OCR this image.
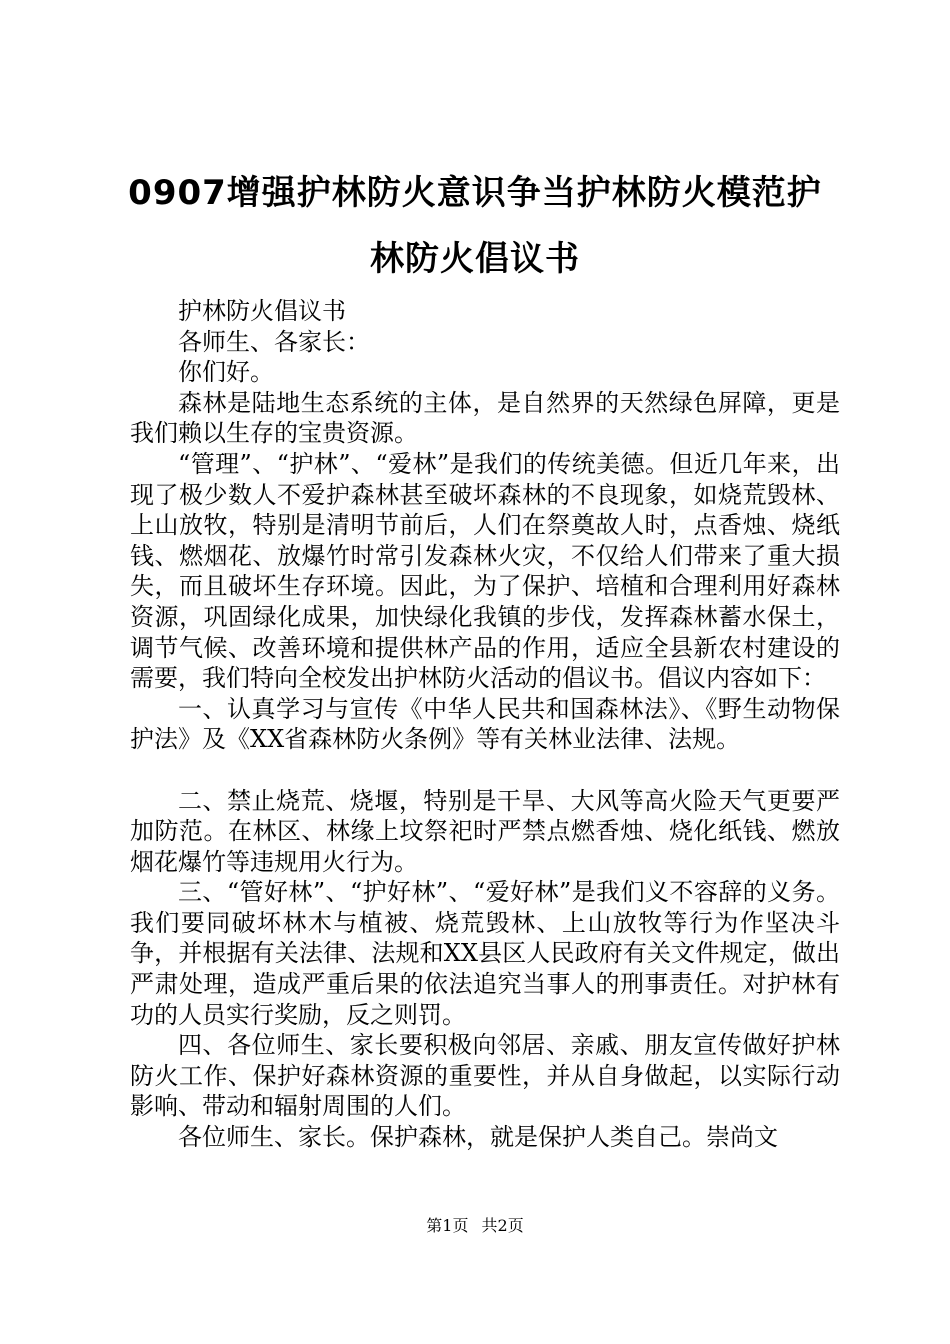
0907增强护林防火意识争当护林防火模范护
林防火倡议书

护林防火倡议书

各师生、各家长：

你们好。

森林是陆地生态系统的主体，是自然界的天然绿色屏障，更是我们赖以生存的宝贵资源。

“管理”、“护林”、“爱林”是我们的传统美德。但近几年来，出现了极少数人不爱护森林甚至破坏森林的不良现象，如烧荒毁林、上山放牧，特别是清明节前后，人们在祭奠故人时，点香烛、烧纸钱、燃烟花、放爆竹时常引发森林火灾，不仅给人们带来了重大损失，而且破坏生存环境。因此，为了保护、培植和合理利用好森林资源，巩固绿化成果，加快绿化我镇的步伐，发挥森林蓄水保土，调节气候、改善环境和提供林产品的作用，适应全县新农村建设的需要，我们特向全校发出护林防火活动的倡议书。倡议内容如下：

一、认真学习与宣传《中华人民共和国森林法》、《野生动物保护法》及《XX省森林防火条例》等有关林业法律、法规。

二、禁止烧荒、烧堰，特别是干旱、大风等高火险天气更要严加防范。在林区、林缘上坟祭祀时严禁点燃香烛、烧化纸钱、燃放烟花爆竹等违规用火行为。

三、“管好林”、“护好林”、“爱好林”是我们义不容辞的义务。我们要同破坏林木与植被、烧荒毁林、上山放牧等行为作坚决斗争，并根据有关法律、法规和XX县区人民政府有关文件规定，做出严肃处理，造成严重后果的依法追究当事人的刑事责任。对护林有功的人员实行奖励，反之则罚。

四、各位师生、家长要积极向邻居、亲戚、朋友宣传做好护林防火工作、保护好森林资源的重要性，并从自身做起，以实际行动影响、带动和辐射周围的人们。

各位师生、家长。保护森林，就是保护人类自己。崇尚文

第1页 共2页
